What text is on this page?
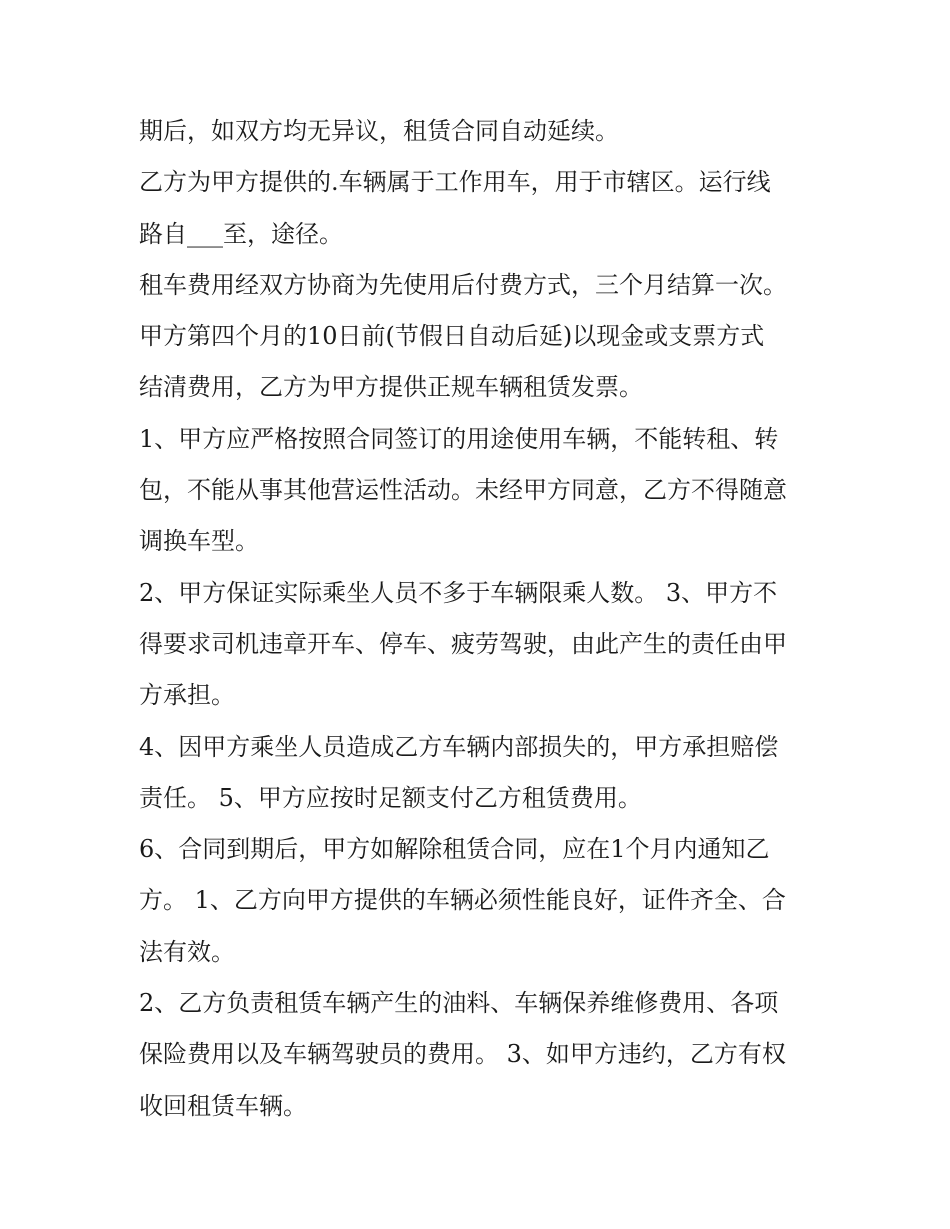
期后，如双方均无异议，租赁合同自动延续。
乙方为甲方提供的.车辆属于工作用车，用于市辖区。运行线
路自___至，途径。
租车费用经双方协商为先使用后付费方式，三个月结算一次。
甲方第四个月的10日前(节假日自动后延)以现金或支票方式
结清费用，乙方为甲方提供正规车辆租赁发票。
1、甲方应严格按照合同签订的用途使用车辆，不能转租、转
包，不能从事其他营运性活动。未经甲方同意，乙方不得随意
调换车型。
2、甲方保证实际乘坐人员不多于车辆限乘人数。 3、甲方不
得要求司机违章开车、停车、疲劳驾驶，由此产生的责任由甲
方承担。
4、因甲方乘坐人员造成乙方车辆内部损失的，甲方承担赔偿
责任。 5、甲方应按时足额支付乙方租赁费用。
6、合同到期后，甲方如解除租赁合同，应在1个月内通知乙
方。 1、乙方向甲方提供的车辆必须性能良好，证件齐全、合
法有效。
2、乙方负责租赁车辆产生的油料、车辆保养维修费用、各项
保险费用以及车辆驾驶员的费用。 3、如甲方违约，乙方有权
收回租赁车辆。
